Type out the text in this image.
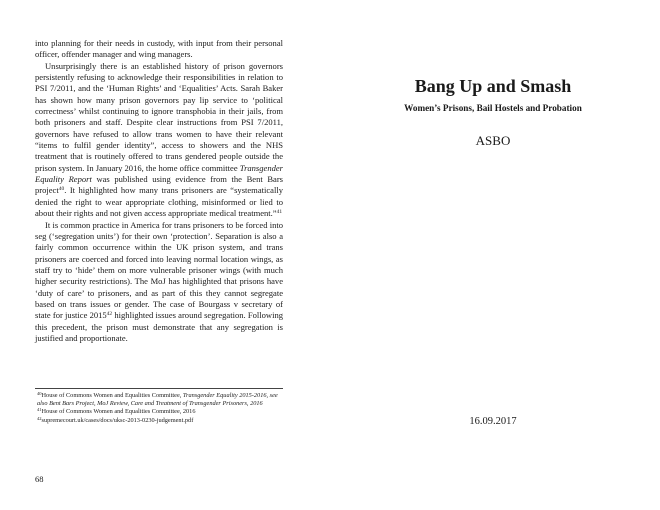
into planning for their needs in custody, with input from their personal officer, offender manager and wing managers.

Unsurprisingly there is an established history of prison governors persistently refusing to acknowledge their responsibilities in relation to PSI 7/2011, and the ‘Human Rights’ and ‘Equalities’ Acts. Sarah Baker has shown how many prison governors pay lip service to ‘political correctness’ whilst continuing to ignore transphobia in their jails, from both prisoners and staff. Despite clear instructions from PSI 7/2011, governors have refused to allow trans women to have their relevant “items to fulfil gender identity”, access to showers and the NHS treatment that is routinely offered to trans gendered people outside the prison system. In January 2016, the home office committee Transgender Equality Report was published using evidence from the Bent Bars project$^{40}$. It highlighted how many trans prisoners are “systematically denied the right to wear appropriate clothing, misinformed or lied to about their rights and not given access appropriate medical treatment.”$^{41}$

It is common practice in America for trans prisoners to be forced into seg (‘segregation units’) for their own ‘protection’. Separation is also a fairly common occurrence within the UK prison system, and trans prisoners are coerced and forced into leaving normal location wings, as staff try to ‘hide’ them on more vulnerable prisoner wings (with much higher security restrictions). The MoJ has highlighted that prisons have ‘duty of care’ to prisoners, and as part of this they cannot segregate based on trans issues or gender. The case of Bourgass v secretary of state for justice 2015$^{42}$ highlighted issues around segregation. Following this precedent, the prison must demonstrate that any segregation is justified and proportionate.

$^{40}$House of Commons Women and Equalities Committee, Transgender Equality 2015-2016, see also Bent Bars Project, MoJ Review, Care and Treatment of Transgender Prisoners, 2016
$^{41}$House of Commons Women and Equalities Committee, 2016
$^{42}$supremecourt.uk/cases/docs/uksc-2013-0230-judgement.pdf
68
Bang Up and Smash
Women’s Prisons, Bail Hostels and Probation
ASBO
16.09.2017
